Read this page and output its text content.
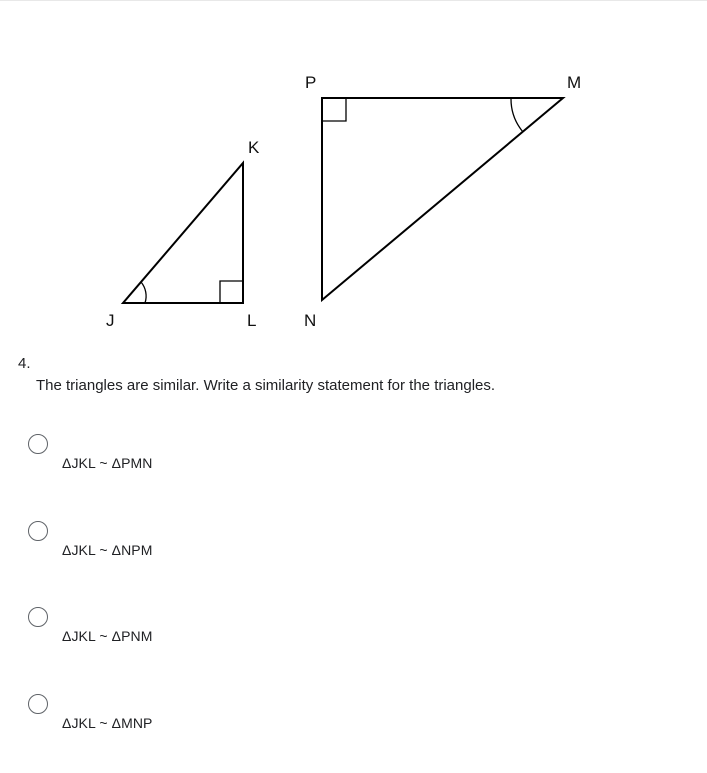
K
J	L
P	M
N
4.
The triangles are similar. Write a similarity statement for the triangles.
ΔJKL ~ ΔPMN
ΔJKL ~ ΔNPM
ΔJKL ~ ΔPNM
ΔJKL ~ ΔMNP
